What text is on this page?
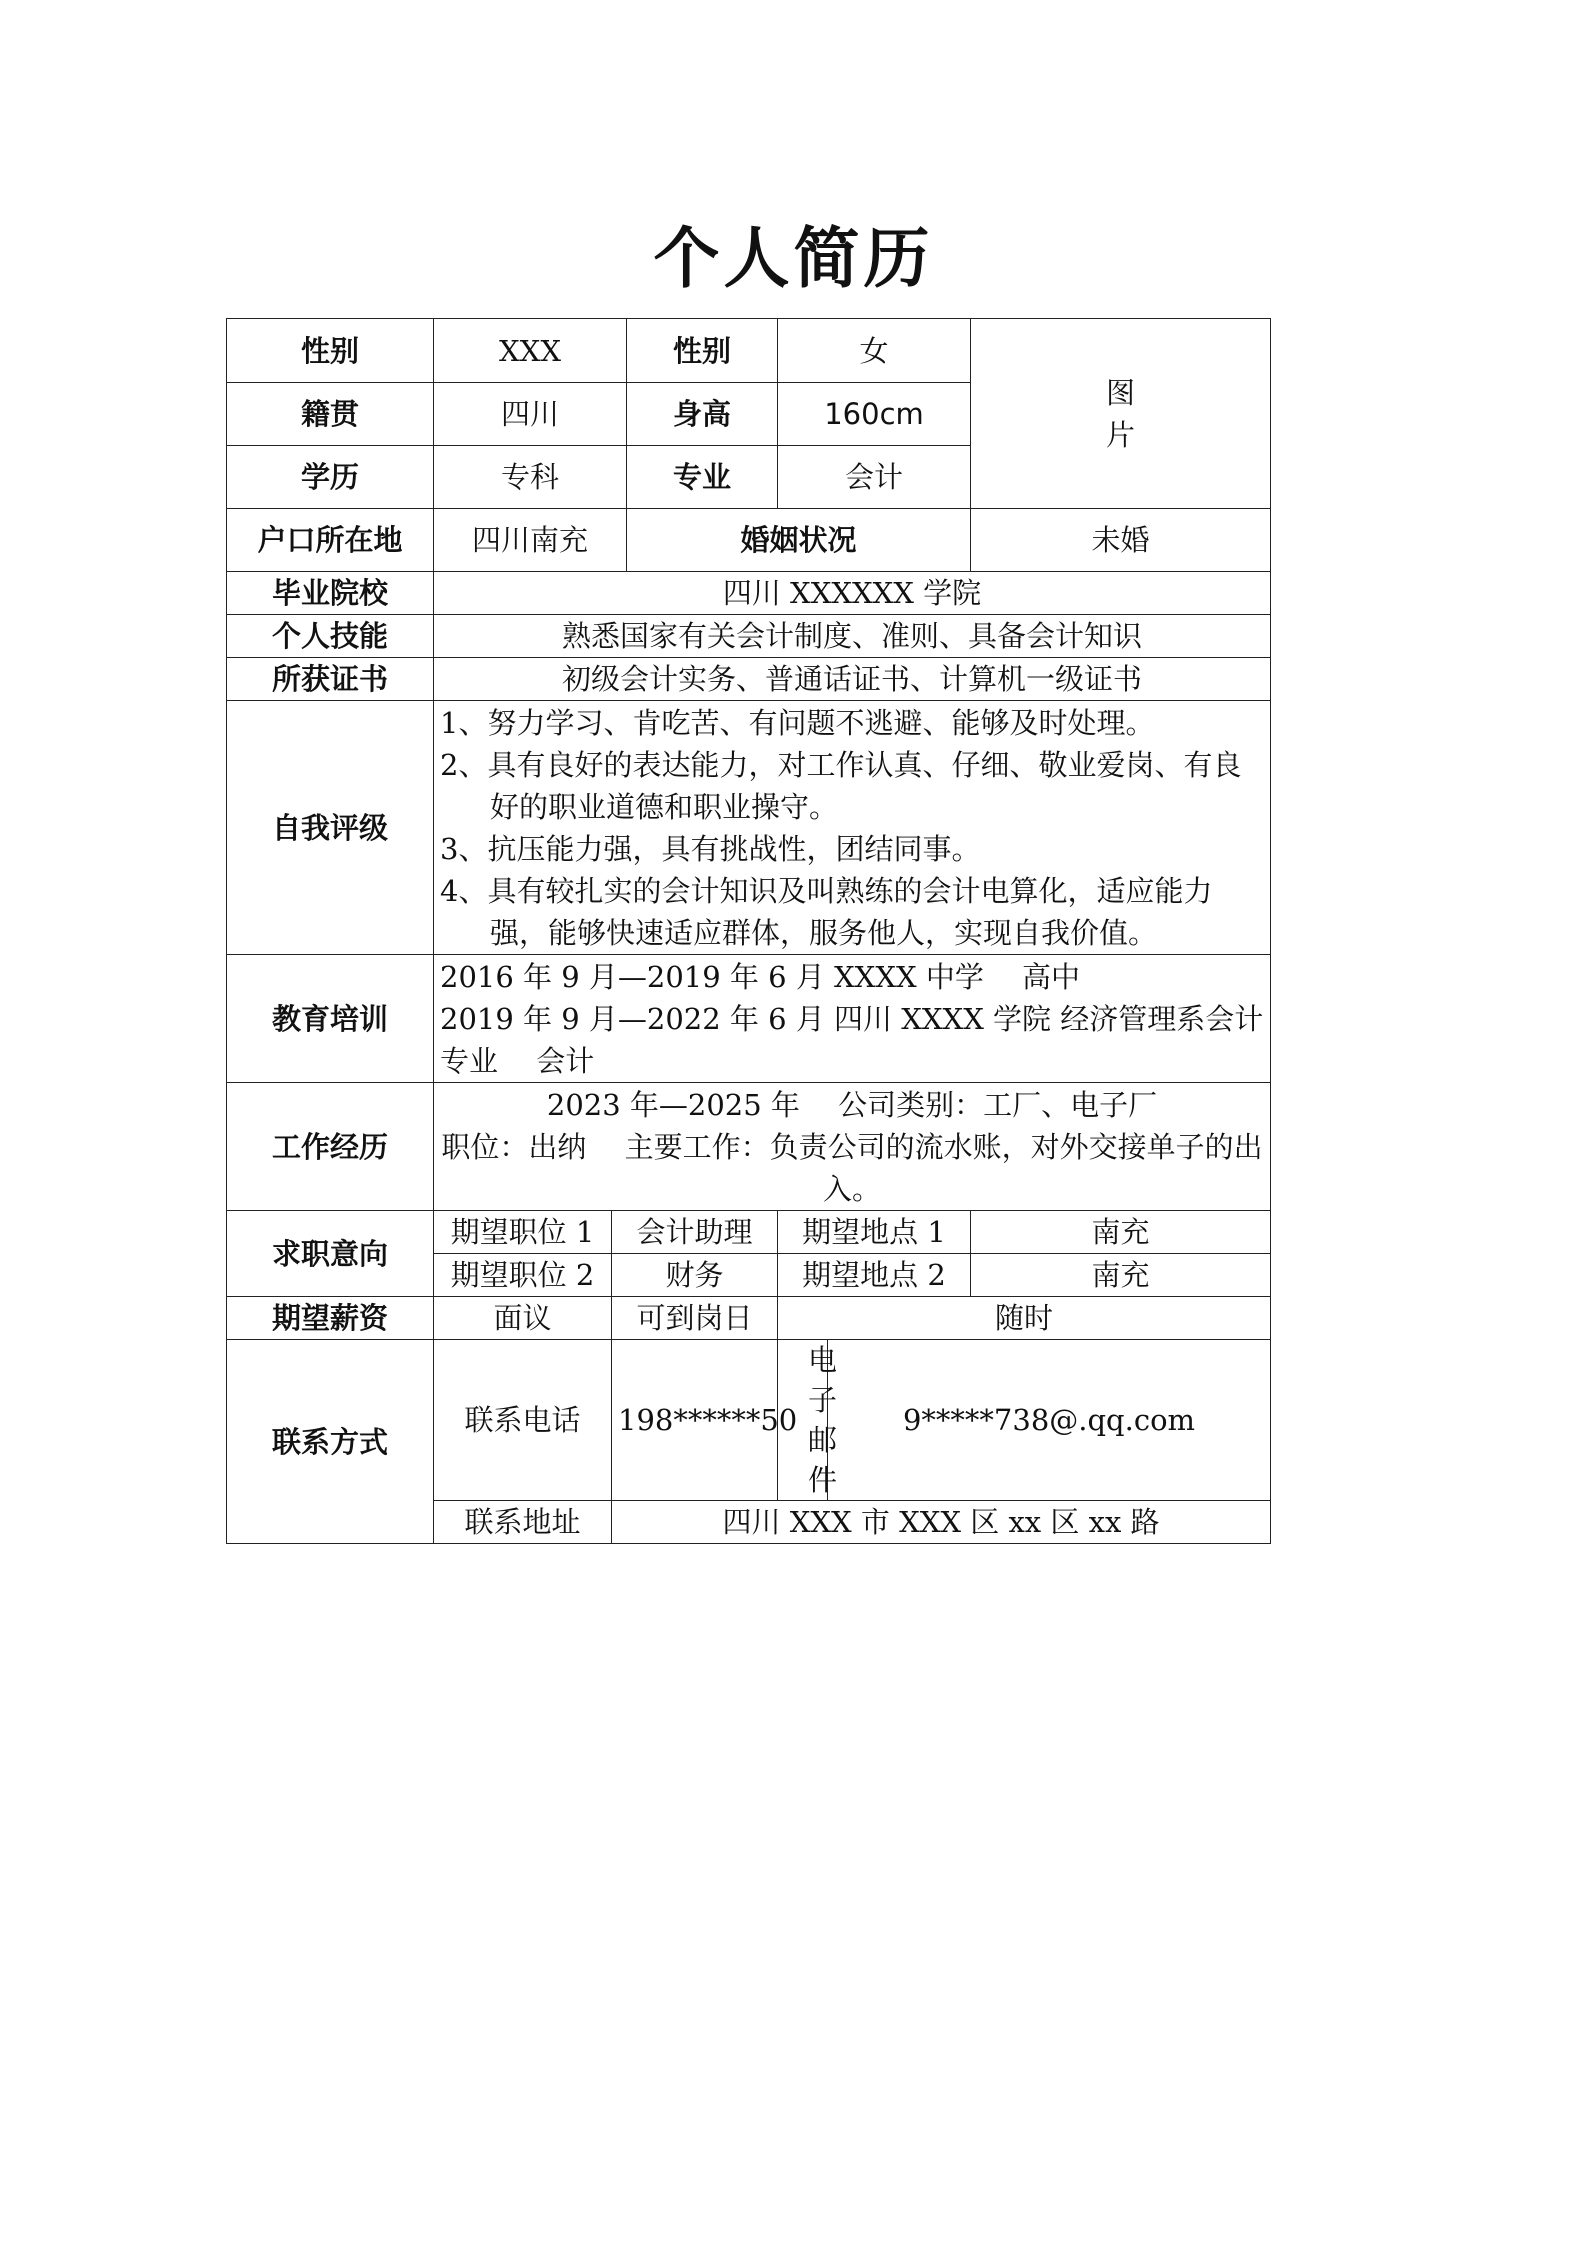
个人简历
性别	XXX		性别	女		图片
籍贯	四川		身高	160cm		
学历	专科		专业	会计		
户口所在地	四川南充		婚姻状况			未婚
毕业院校	四川 XXXXXX 学院					
个人技能	熟悉国家有关会计制度、准则、具备会计知识					
所获证书	初级会计实务、普通话证书、计算机一级证书					
自我评级	1、努力学习、肯吃苦、有问题不逃避、能够及时处理。
2、具有良好的表达能力，对工作认真、仔细、敬业爱岗、有良好的职业道德和职业操守。
3、抗压能力强，具有挑战性，团结同事。
4、具有较扎实的会计知识及叫熟练的会计电算化，适应能力强，能够快速适应群体，服务他人，实现自我价值。					

教育培训	2016 年 9 月—2019 年 6 月 XXXX 中学　 高中
2019 年 9 月—2022 年 6 月 四川 XXXX 学院 经济管理系会计专业　 会计					

工作经历	2023 年—2025 年　 公司类别：工厂、电子厂
职位：出纳　 主要工作：负责公司的流水账，对外交接单子的出入。					

求职意向	期望职位 1	会计助理		期望地点 1		南充
	期望职位 2	财务		期望地点 2		南充
期望薪资	面议	可到岗日		随时		
联系方式	联系电话	198******50		电子邮件	9*****738@.qq.com	
	联系地址	四川 XXX 市 XXX 区 xx 区 xx 路				
